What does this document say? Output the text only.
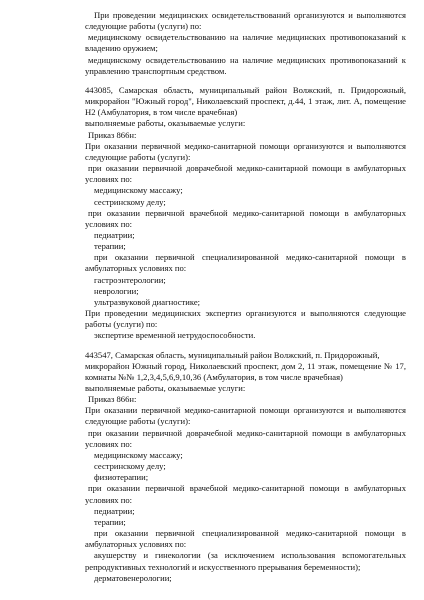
При проведении медицинских освидетельствований организуются и выполняются
следующие работы (услуги) по:
медицинскому освидетельствованию на наличие медицинских противопоказаний к
владению оружием;
медицинскому освидетельствованию на наличие медицинских противопоказаний к
управлению транспортным средством.
443085, Самарская область, муниципальный район Волжский, п. Придорожный,
микрорайон "Южный город", Николаевский проспект, д.44, 1 этаж, лит. А, помещение
Н2 (Амбулатория, в том числе врачебная)
выполняемые работы, оказываемые услуги:
Приказ 866н:
При оказании первичной медико-санитарной помощи организуются и выполняются
следующие работы (услуги):
при оказании первичной доврачебной медико-санитарной помощи в амбулаторных
условиях по:
медицинскому массажу;
сестринскому делу;
при оказании первичной врачебной медико-санитарной помощи в амбулаторных
условиях по:
педиатрии;
терапии;
при оказании первичной специализированной медико-санитарной помощи в
амбулаторных условиях по:
гастроэнтерологии;
неврологии;
ультразвуковой диагностике;
При проведении медицинских экспертиз организуются и выполняются следующие
работы (услуги) по:
экспертизе временной нетрудоспособности.
443547, Самарская область, муниципальный район Волжский, п. Придорожный,
микрорайон Южный город, Николаевский проспект, дом 2, 11 этаж, помещение № 17,
комнаты №№ 1,2,3,4,5,6,9,10,36 (Амбулатория, в том числе врачебная)
выполняемые работы, оказываемые услуги:
Приказ 866н:
При оказании первичной медико-санитарной помощи организуются и выполняются
следующие работы (услуги):
при оказании первичной доврачебной медико-санитарной помощи в амбулаторных
условиях по:
медицинскому массажу;
сестринскому делу;
физиотерапии;
при оказании первичной врачебной медико-санитарной помощи в амбулаторных
условиях по:
педиатрии;
терапии;
при оказании первичной специализированной медико-санитарной помощи в
амбулаторных условиях по:
акушерству и гинекологии (за исключением использования вспомогательных
репродуктивных технологий и искусственного прерывания беременности);
дерматовенерологии;
